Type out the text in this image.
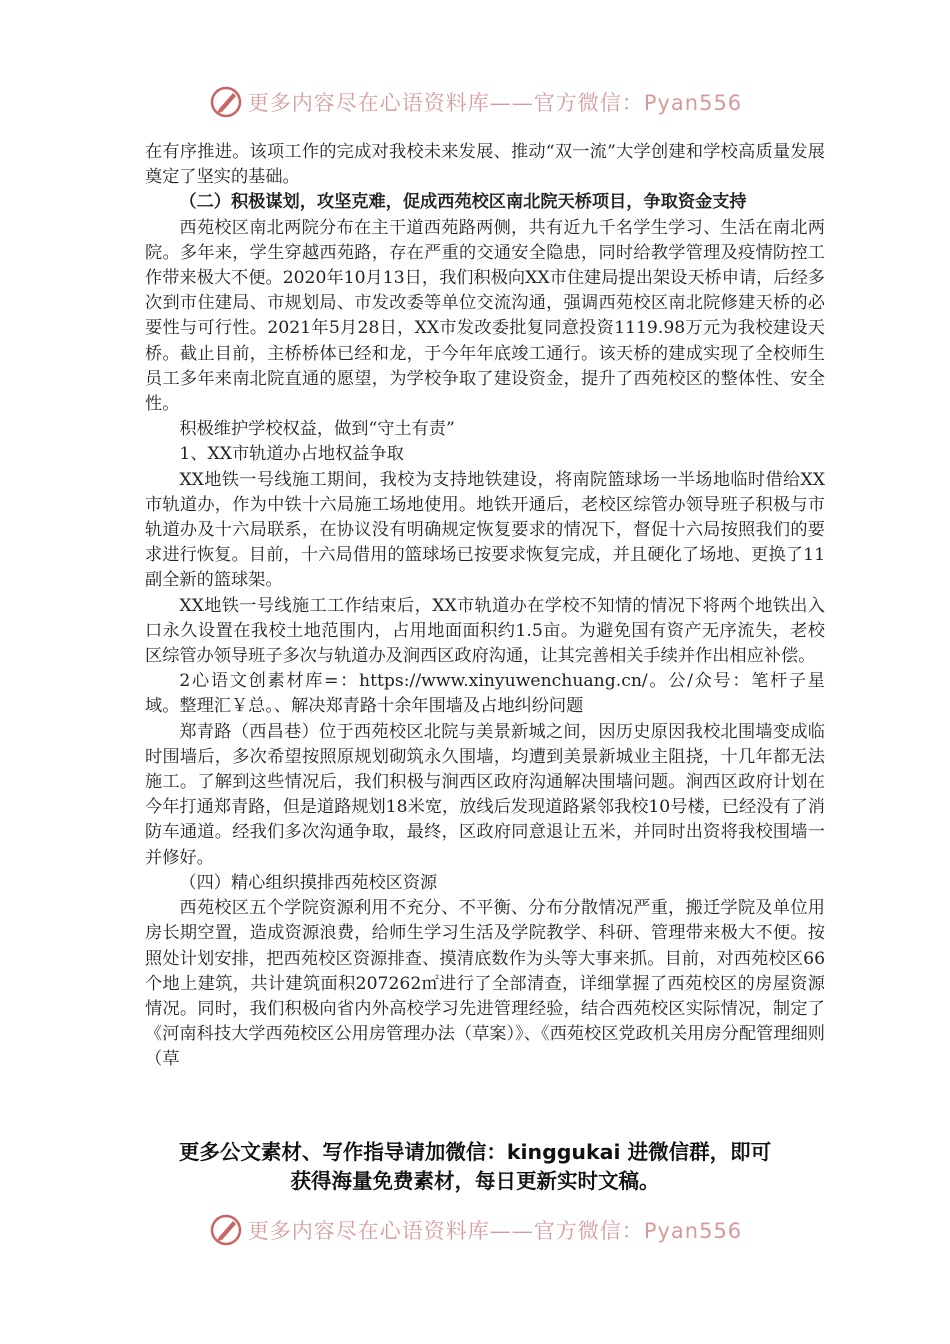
更多内容尽在心语资料库——官方微信：Pyan556

在有序推进。该项工作的完成对我校未来发展、推动“双一流”大学创建和学校高质量发展奠定了坚实的基础。

（二）积极谋划，攻坚克难，促成西苑校区南北院天桥项目，争取资金支持

西苑校区南北两院分布在主干道西苑路两侧，共有近九千名学生学习、生活在南北两院。多年来，学生穿越西苑路，存在严重的交通安全隐患，同时给教学管理及疫情防控工作带来极大不便。2020年10月13日，我们积极向XX市住建局提出架设天桥申请，后经多次到市住建局、市规划局、市发改委等单位交流沟通，强调西苑校区南北院修建天桥的必要性与可行性。2021年5月28日，XX市发改委批复同意投资1119.98万元为我校建设天桥。截止目前，主桥桥体已经和龙，于今年年底竣工通行。该天桥的建成实现了全校师生员工多年来南北院直通的愿望，为学校争取了建设资金，提升了西苑校区的整体性、安全性。

积极维护学校权益，做到“守土有责”

1、XX市轨道办占地权益争取

XX地铁一号线施工期间，我校为支持地铁建设，将南院篮球场一半场地临时借给XX市轨道办，作为中铁十六局施工场地使用。地铁开通后，老校区综管办领导班子积极与市轨道办及十六局联系，在协议没有明确规定恢复要求的情况下，督促十六局按照我们的要求进行恢复。目前，十六局借用的篮球场已按要求恢复完成，并且硬化了场地、更换了11副全新的篮球架。

XX地铁一号线施工工作结束后，XX市轨道办在学校不知情的情况下将两个地铁出入口永久设置在我校土地范围内，占用地面面积约1.5亩。为避免国有资产无序流失，老校区综管办领导班子多次与轨道办及涧西区政府沟通，让其完善相关手续并作出相应补偿。

2心语文创素材库=：https://www.xinyuwenchuang.cn/。公/众号：笔杆子星域。整理汇￥总。、解决郑青路十余年围墙及占地纠纷问题

郑青路（西昌巷）位于西苑校区北院与美景新城之间，因历史原因我校北围墙变成临时围墙后，多次希望按照原规划砌筑永久围墙，均遭到美景新城业主阻挠，十几年都无法施工。了解到这些情况后，我们积极与涧西区政府沟通解决围墙问题。涧西区政府计划在今年打通郑青路，但是道路规划18米宽，放线后发现道路紧邻我校10号楼，已经没有了消防车通道。经我们多次沟通争取，最终，区政府同意退让五米，并同时出资将我校围墙一并修好。

（四）精心组织摸排西苑校区资源

西苑校区五个学院资源利用不充分、不平衡、分布分散情况严重，搬迁学院及单位用房长期空置，造成资源浪费，给师生学习生活及学院教学、科研、管理带来极大不便。按照处计划安排，把西苑校区资源排查、摸清底数作为头等大事来抓。目前，对西苑校区66个地上建筑，共计建筑面积207262㎡进行了全部清查，详细掌握了西苑校区的房屋资源情况。同时，我们积极向省内外高校学习先进管理经验，结合西苑校区实际情况，制定了《河南科技大学西苑校区公用房管理办法（草案）》、《西苑校区党政机关用房分配管理细则（草

更多公文素材、写作指导请加微信：kinggukai 进微信群，即可
获得海量免费素材，每日更新实时文稿。
更多内容尽在心语资料库——官方微信：Pyan556
